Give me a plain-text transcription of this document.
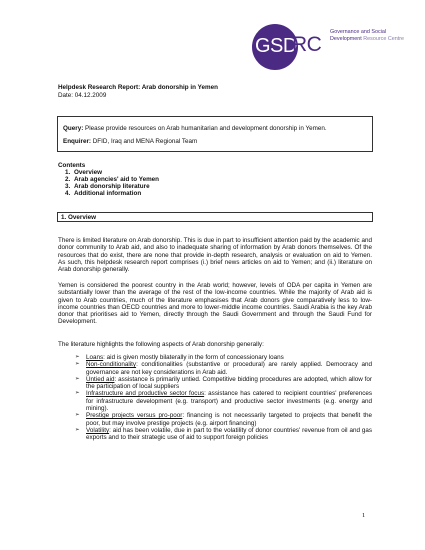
GSD
RC
Governance and Social
Development Resource Centre
Helpdesk Research Report: Arab donorship in Yemen
Date: 04.12.2009
Query: Please provide resources on Arab humanitarian and development donorship in Yemen.
Enquirer: DFID, Iraq and MENA Regional Team
Contents
1. Overview
2. Arab agencies' aid to Yemen
3. Arab donorship literature
4. Additional information
1. Overview

There is limited literature on Arab donorship. This is due in part to insufficient attention paid by the academic and donor community to Arab aid, and also to inadequate sharing of information by Arab donors themselves. Of the resources that do exist, there are none that provide in-depth research, analysis or evaluation on aid to Yemen. As such, this helpdesk research report comprises (i.) brief news articles on aid to Yemen; and (ii.) literature on Arab donorship generally.

Yemen is considered the poorest country in the Arab world; however, levels of ODA per capita in Yemen are substantially lower than the average of the rest of the low-income countries. While the majority of Arab aid is given to Arab countries, much of the literature emphasises that Arab donors give comparatively less to low-income countries than OECD countries and more to lower-middle income countries. Saudi Arabia is the key Arab donor that prioritises aid to Yemen, directly through the Saudi Government and through the Saudi Fund for Development.

The literature highlights the following aspects of Arab donorship generally:

➢ Loans: aid is given mostly bilaterally in the form of concessionary loans
➢ Non-conditionality: conditionalities (substantive or procedural) are rarely applied. Democracy and governance are not key considerations in Arab aid.
➢ Untied aid: assistance is primarily untied. Competitive bidding procedures are adopted, which allow for the participation of local suppliers
➢ Infrastructure and productive sector focus: assistance has catered to recipient countries' preferences for infrastructure development (e.g. transport) and productive sector investments (e.g. energy and mining).
➢ Prestige projects versus pro-poor: financing is not necessarily targeted to projects that benefit the poor, but may involve prestige projects (e.g. airport financing)
➢ Volatility: aid has been volatile, due in part to the volatility of donor countries' revenue from oil and gas exports and to their strategic use of aid to support foreign policies
1
